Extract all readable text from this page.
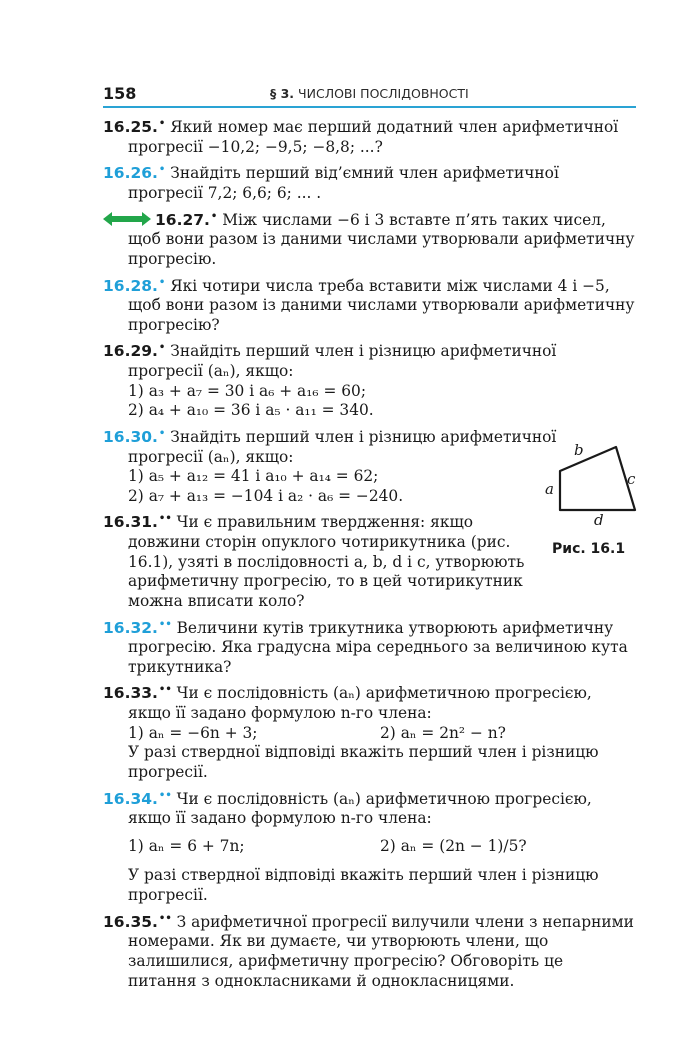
158	§ 3. ЧИСЛОВІ ПОСЛІДОВНОСТІ
16.25.• Який номер має перший додатний член арифметичної прогресії −10,2; −9,5; −8,8; ...?
16.26.• Знайдіть перший від’ємний член арифметичної прогресії 7,2; 6,6; 6; ... .
16.27.• Між числами −6 і 3 вставте п’ять таких чисел, щоб вони разом із даними числами утворювали арифметичну прогресію.
16.28.• Які чотири числа треба вставити між числами 4 і −5, щоб вони разом із даними числами утворювали арифметичну прогресію?
16.29.• Знайдіть перший член і різницю арифметичної прогресії (aₙ), якщо:
1) a₃ + a₇ = 30 і a₆ + a₁₆ = 60;
2) a₄ + a₁₀ = 36 і a₅ · a₁₁ = 340.
16.30.• Знайдіть перший член і різницю арифметичної прогресії (aₙ), якщо:
1) a₅ + a₁₂ = 41 і a₁₀ + a₁₄ = 62;
2) a₇ + a₁₃ = −104 і a₂ · a₆ = −240.
16.31.•• Чи є правильним твердження: якщо довжини сторін опуклого чотирикутника (рис. 16.1), узяті в послідовності a, b, d і c, утворюють арифметичну прогресію, то в цей чотирикутник можна вписати коло?
16.32.•• Величини кутів трикутника утворюють арифметичну прогресію. Яка градусна міра середнього за величиною кута трикутника?
16.33.•• Чи є послідовність (aₙ) арифметичною прогресією, якщо її задано формулою n-го члена:
1) aₙ = −6n + 3;	2) aₙ = 2n² − n?
У разі ствердної відповіді вкажіть перший член і різницю прогресії.
16.34.•• Чи є послідовність (aₙ) арифметичною прогресією, якщо її задано формулою n-го члена:
1) aₙ = 6 + 7n;	2) aₙ = (2n − 1)/5?
У разі ствердної відповіді вкажіть перший член і різницю прогресії.
16.35.•• З арифметичної прогресії вилучили члени з непарними номерами. Як ви думаєте, чи утворюють члени, що залишилися, арифметичну прогресію? Обговоріть це питання з однокласниками й однокласницями.
a
b
c
d
Рис. 16.1
